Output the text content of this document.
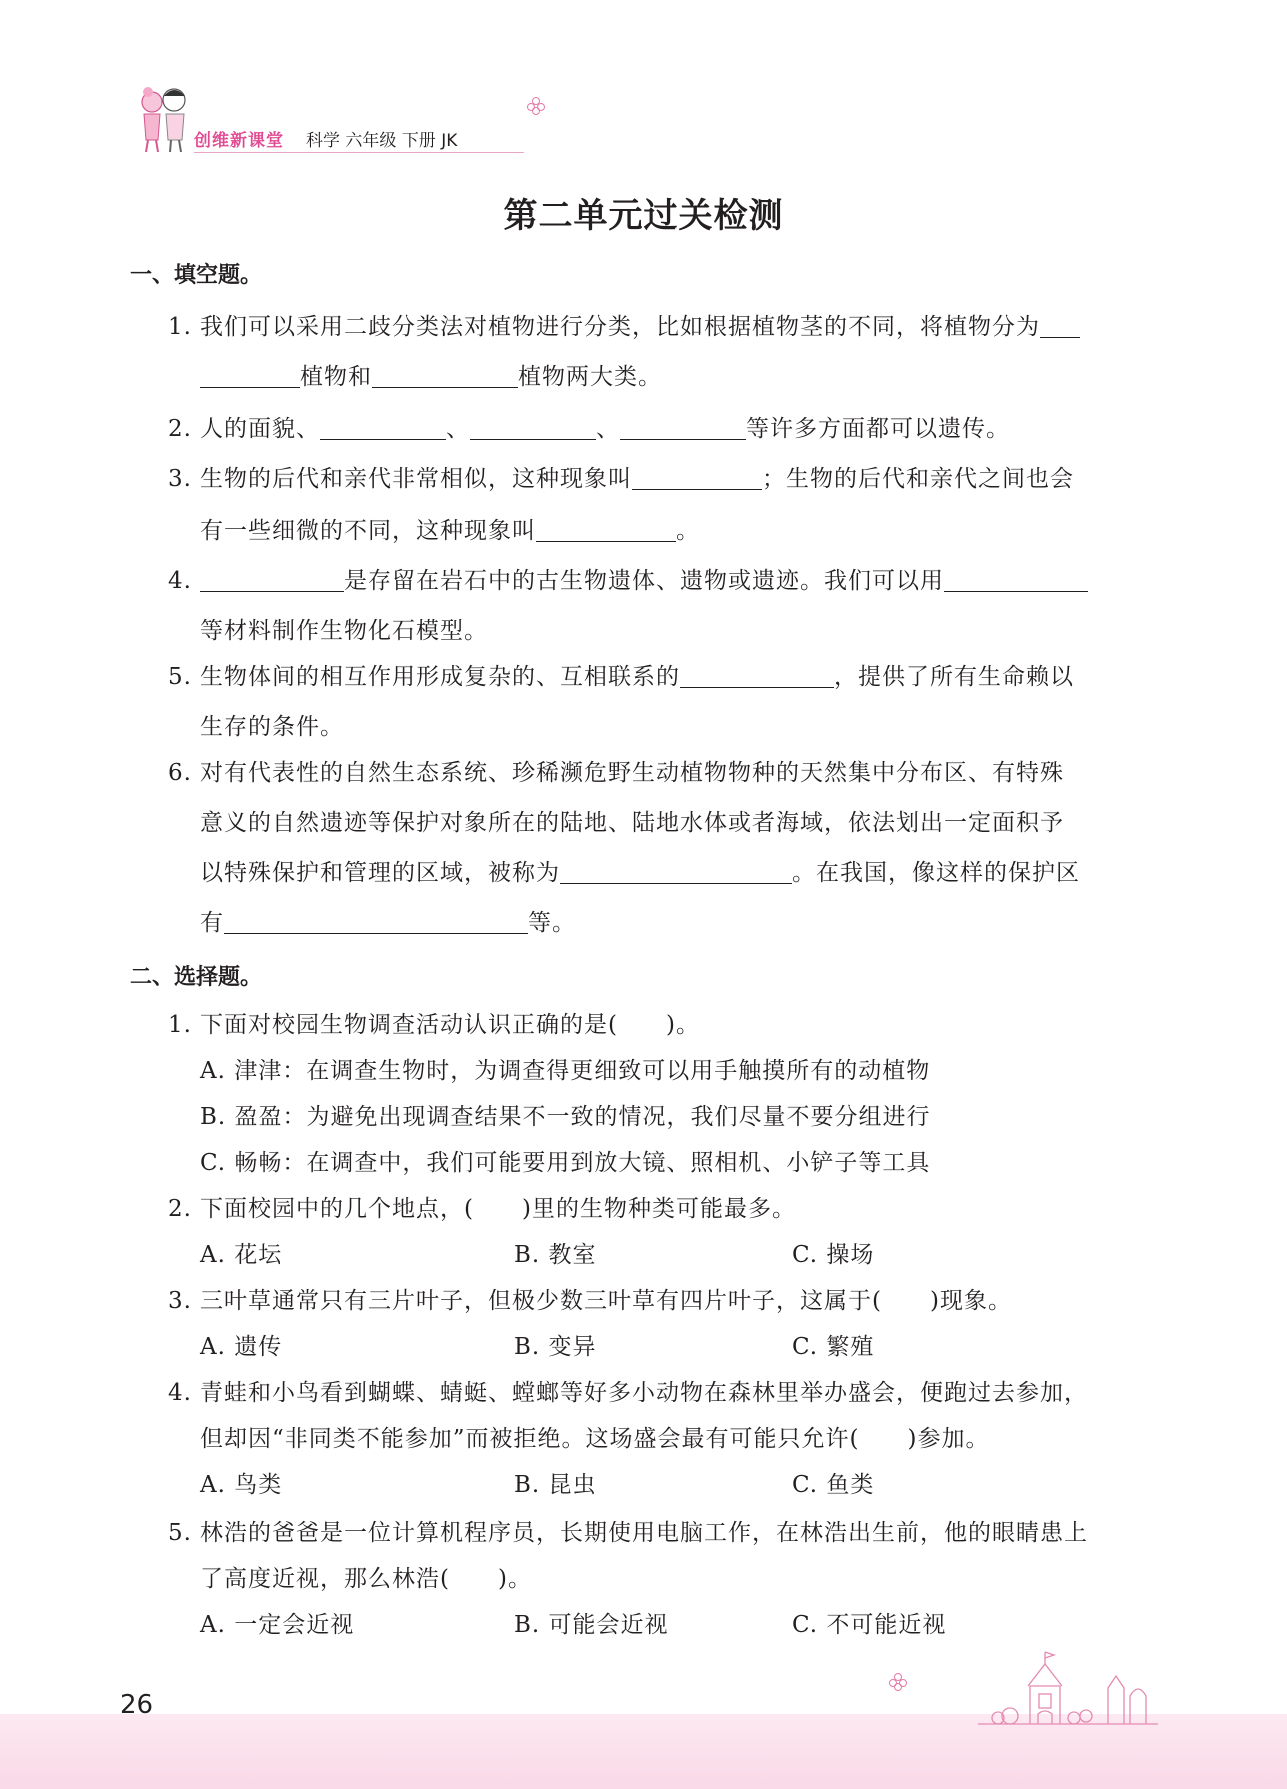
创维新课堂 科学 六年级 下册 JK
第二单元过关检测
一、填空题。
1. 我们可以采用二歧分类法对植物进行分类，比如根据植物茎的不同，将植物分为
植物和	植物两大类。
2. 人的面貌、	、	、	等许多方面都可以遗传。
3. 生物的后代和亲代非常相似，这种现象叫	；生物的后代和亲代之间也会
有一些细微的不同，这种现象叫	。
4.	是存留在岩石中的古生物遗体、遗物或遗迹。我们可以用
等材料制作生物化石模型。
5. 生物体间的相互作用形成复杂的、互相联系的	，提供了所有生命赖以
生存的条件。
6. 对有代表性的自然生态系统、珍稀濒危野生动植物物种的天然集中分布区、有特殊
意义的自然遗迹等保护对象所在的陆地、陆地水体或者海域，依法划出一定面积予
以特殊保护和管理的区域，被称为	。在我国，像这样的保护区
有	等。
二、选择题。
1. 下面对校园生物调查活动认识正确的是(　　)。
A. 津津：在调查生物时，为调查得更细致可以用手触摸所有的动植物
B. 盈盈：为避免出现调查结果不一致的情况，我们尽量不要分组进行
C. 畅畅：在调查中，我们可能要用到放大镜、照相机、小铲子等工具
2. 下面校园中的几个地点，(　　)里的生物种类可能最多。
A. 花坛	B. 教室	C. 操场
3. 三叶草通常只有三片叶子，但极少数三叶草有四片叶子，这属于(　　)现象。
A. 遗传	B. 变异	C. 繁殖
4. 青蛙和小鸟看到蝴蝶、蜻蜓、螳螂等好多小动物在森林里举办盛会，便跑过去参加，
但却因“非同类不能参加”而被拒绝。这场盛会最有可能只允许(　　)参加。
A. 鸟类	B. 昆虫	C. 鱼类
5. 林浩的爸爸是一位计算机程序员，长期使用电脑工作，在林浩出生前，他的眼睛患上
了高度近视，那么林浩(　　)。
A. 一定会近视	B. 可能会近视	C. 不可能近视
26
